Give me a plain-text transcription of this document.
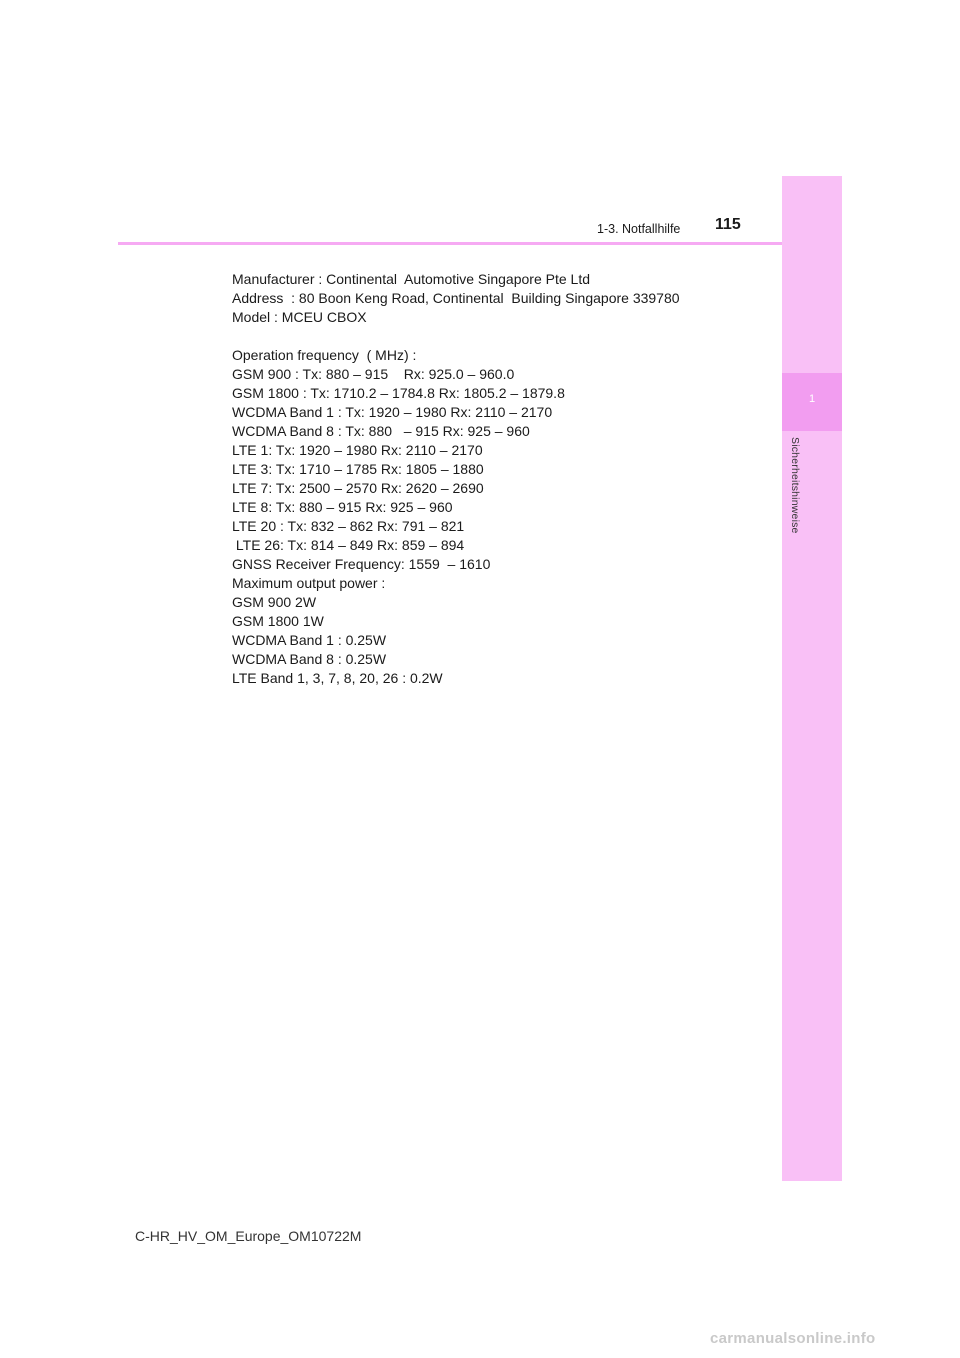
1
Sicherheitshinweise
1-3. Notfallhilfe 115
Manufacturer : Continental  Automotive Singapore Pte Ltd
Address  : 80 Boon Keng Road, Continental  Building Singapore 339780
Model : MCEU CBOX
Operation frequency  ( MHz) :
GSM 900 : Tx: 880 – 915    Rx: 925.0 – 960.0
GSM 1800 : Tx: 1710.2 – 1784.8 Rx: 1805.2 – 1879.8
WCDMA Band 1 : Tx: 1920 – 1980 Rx: 2110 – 2170
WCDMA Band 8 : Tx: 880   – 915 Rx: 925 – 960
LTE 1: Tx: 1920 – 1980 Rx: 2110 – 2170
LTE 3: Tx: 1710 – 1785 Rx: 1805 – 1880
LTE 7: Tx: 2500 – 2570 Rx: 2620 – 2690
LTE 8: Tx: 880 – 915 Rx: 925 – 960
LTE 20 : Tx: 832 – 862 Rx: 791 – 821
LTE 26: Tx: 814 – 849 Rx: 859 – 894
GNSS Receiver Frequency: 1559  – 1610
Maximum output power :
GSM 900 2W
GSM 1800 1W
WCDMA Band 1 : 0.25W
WCDMA Band 8 : 0.25W
LTE Band 1, 3, 7, 8, 20, 26 : 0.2W
C-HR_HV_OM_Europe_OM10722M
carmanualsonline.info
